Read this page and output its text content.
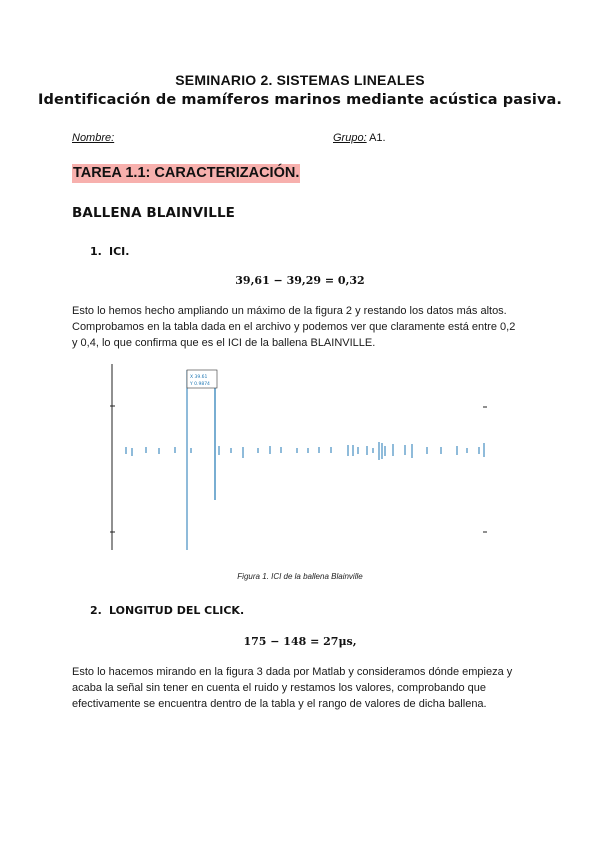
SEMINARIO 2. SISTEMAS LINEALES
Identificación de mamíferos marinos mediante acústica pasiva.
Nombre:	Grupo: A1.
TAREA 1.1: CARACTERIZACIÓN.
BALLENA BLAINVILLE
1. ICI.
39,61 − 39,29 = 0,32
Esto lo hemos hecho ampliando un máximo de la figura 2 y restando los datos más altos.
Comprobamos en la tabla dada en el archivo y podemos ver que claramente está entre 0,2
y 0,4, lo que confirma que es el ICI de la ballena BLAINVILLE.
X 39.61
Y 0.9874
Figura 1. ICI de la ballena Blainville
2. LONGITUD DEL CLICK.
175 − 148 = 27μs,
Esto lo hacemos mirando en la figura 3 dada por Matlab y consideramos dónde empieza y
acaba la señal sin tener en cuenta el ruido y restamos los valores, comprobando que
efectivamente se encuentra dentro de la tabla y el rango de valores de dicha ballena.
